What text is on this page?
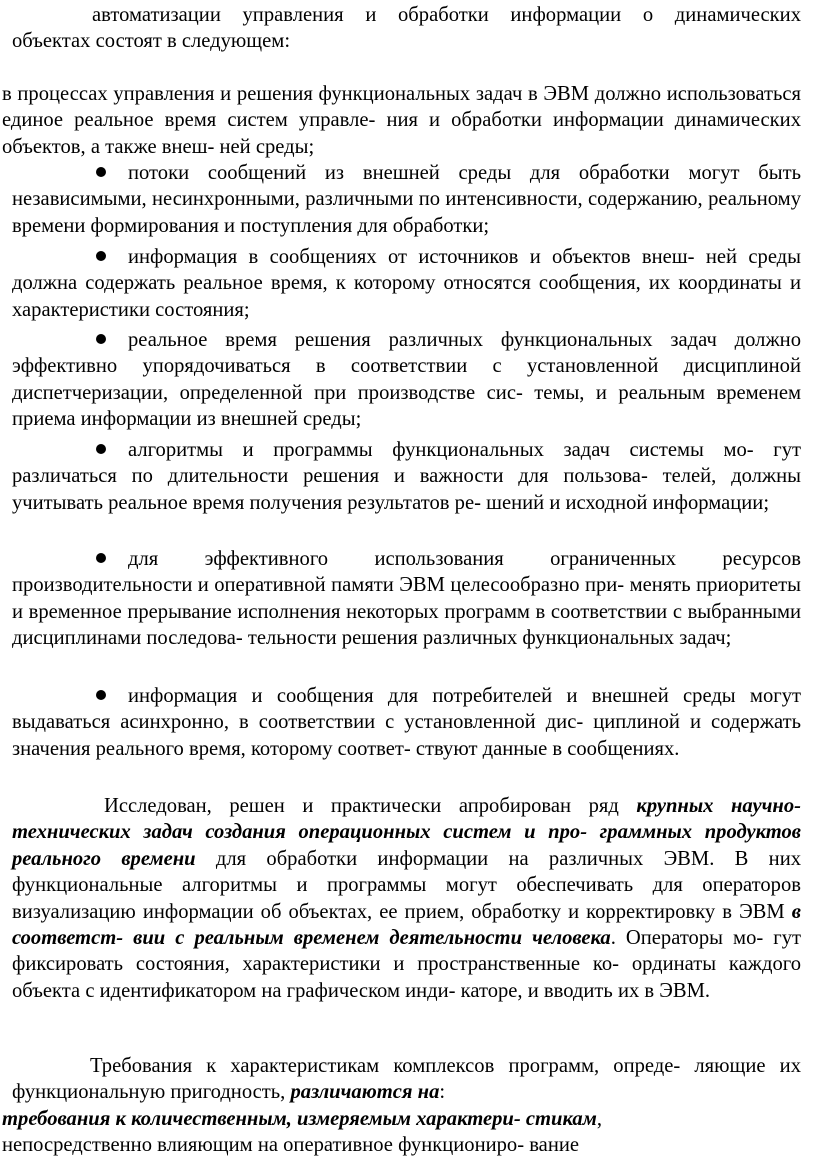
автоматизации управления и обработки информации о динамических
объектах состоят в следующем:

в процессах управления и решения функциональных задач в ЭВМ должно использоваться единое реальное время систем управле- ния и обработки информации динамических объектов, а также внеш- ней среды;

потоки сообщений из внешней среды для обработки могут быть независимыми, несинхронными, различными по интенсивности, содержанию, реальному времени формирования и поступления для обработки;

информация в сообщениях от источников и объектов внеш- ней среды должна содержать реальное время, к которому относятся сообщения, их координаты и характеристики состояния;

реальное время решения различных функциональных задач должно эффективно упорядочиваться в соответствии с установленной дисциплиной диспетчеризации, определенной при производстве сис- темы, и реальным временем приема информации из внешней среды;

алгоритмы и программы функциональных задач системы мо- гут различаться по длительности решения и важности для пользова- телей, должны учитывать реальное время получения результатов ре- шений и исходной информации;

для эффективного использования ограниченных ресурсов производительности и оперативной памяти ЭВМ целесообразно при- менять приоритеты и временное прерывание исполнения некоторых программ в соответствии с выбранными дисциплинами последова- тельности решения различных функциональных задач;

информация и сообщения для потребителей и внешней среды могут выдаваться асинхронно, в соответствии с установленной дис- циплиной и содержать значения реального время, которому соответ- ствуют данные в сообщениях.

Исследован, решен и практически апробирован ряд крупных научно-технических задач создания операционных систем и про- граммных продуктов реального времени для обработки информации на различных ЭВМ. В них функциональные алгоритмы и программы могут обеспечивать для операторов визуализацию информации об объектах, ее прием, обработку и корректировку в ЭВМ в соответст- вии с реальным временем деятельности человека. Операторы мо- гут фиксировать состояния, характеристики и пространственные ко- ординаты каждого объекта с идентификатором на графическом инди- каторе, и вводить их в ЭВМ.

Требования к характеристикам комплексов программ, опреде- ляющие их функциональную пригодность, различаются на:

требования к количественным, измеряемым характери- стикам,

непосредственно влияющим на оперативное функциониро- вание
